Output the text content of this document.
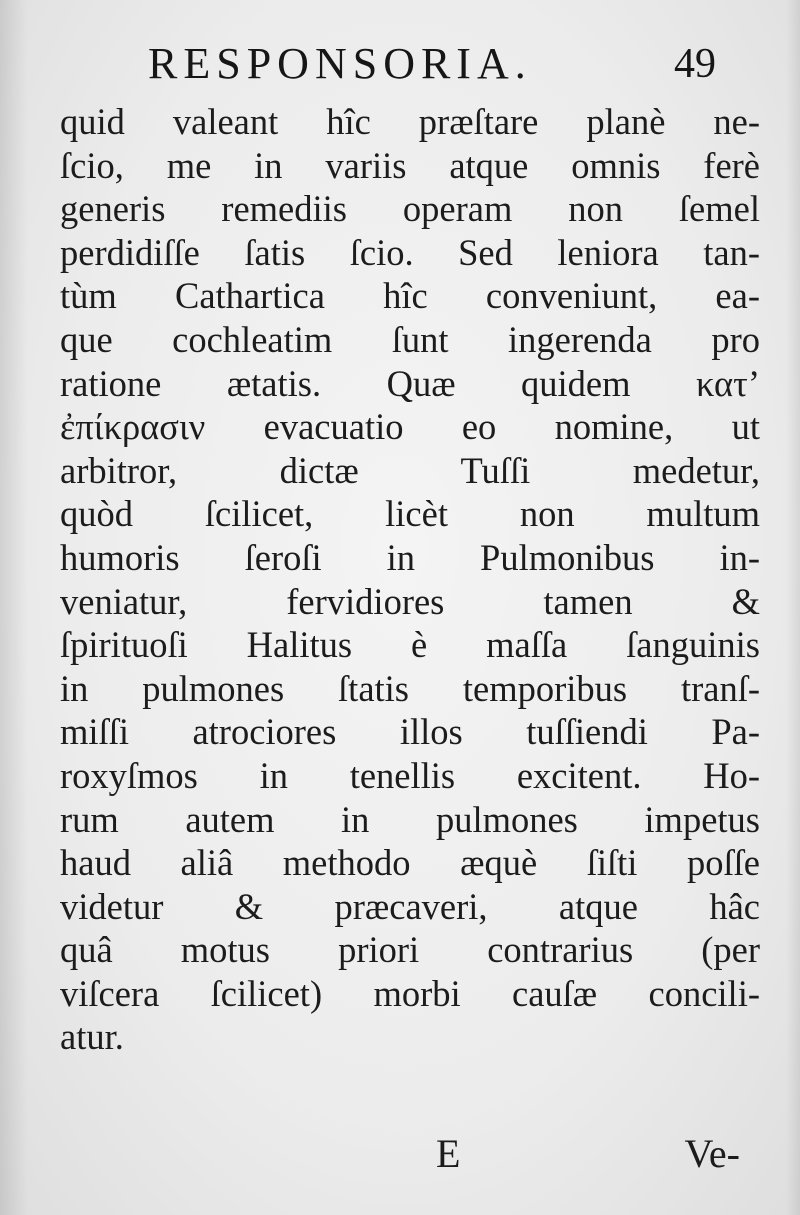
RESPONSORIA.	49
quid valeant hîc præſtare planè ne-
ſcio, me in variis atque omnis ferè
generis remediis operam non ſemel
perdidiſſe ſatis ſcio. Sed leniora tan-
tùm Cathartica hîc conveniunt, ea-
que cochleatim ſunt ingerenda pro
ratione ætatis. Quæ quidem κατ’
ἐπίκρασιν evacuatio eo nomine, ut
arbitror, dictæ Tuſſi medetur,
quòd ſcilicet, licèt non multum
humoris ſeroſi in Pulmonibus in-
veniatur, fervidiores tamen &
ſpirituoſi Halitus è maſſa ſanguinis
in pulmones ſtatis temporibus tranſ-
miſſi atrociores illos tuſſiendi Pa-
roxyſmos in tenellis excitent. Ho-
rum autem in pulmones impetus
haud aliâ methodo æquè ſiſti poſſe
videtur & præcaveri, atque hâc
quâ motus priori contrarius (per
viſcera ſcilicet) morbi cauſæ concili-
atur.
E	Ve-
